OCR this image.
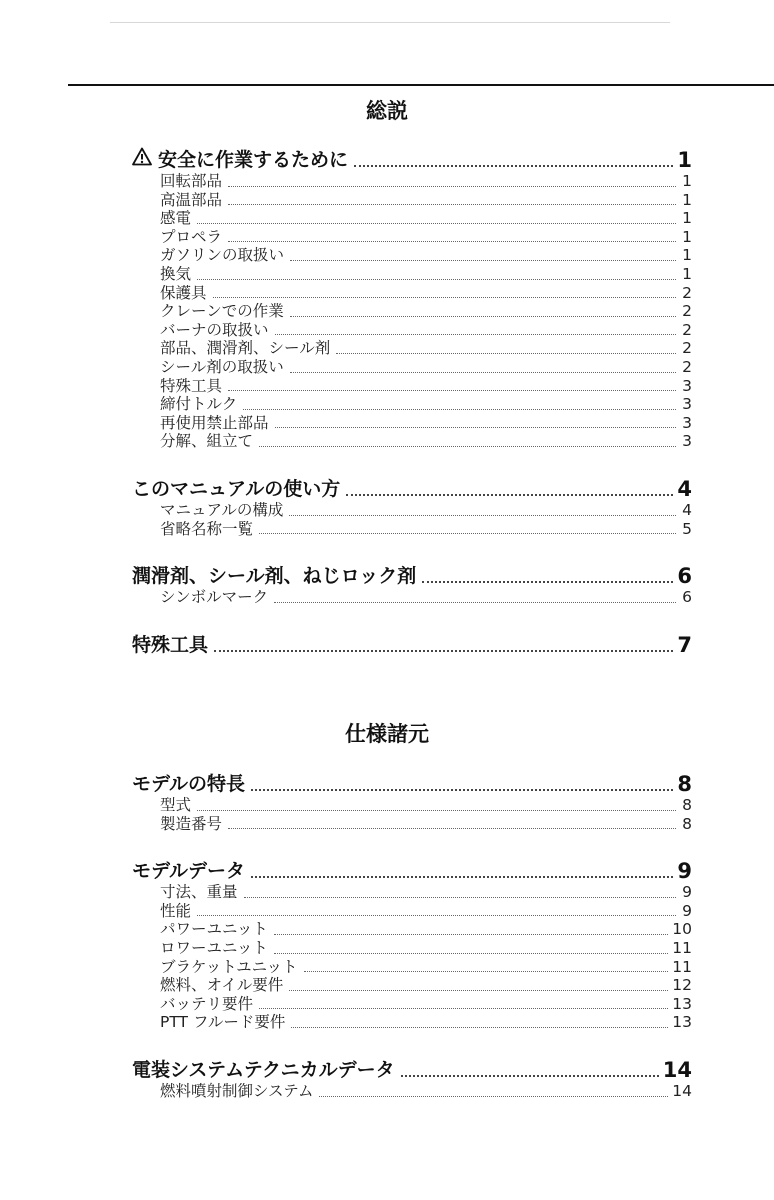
総説
安全に作業するために	1
回転部品	1
高温部品	1
感電	1
プロペラ	1
ガソリンの取扱い	1
換気	1
保護具	2
クレーンでの作業	2
バーナの取扱い	2
部品、潤滑剤、シール剤	2
シール剤の取扱い	2
特殊工具	3
締付トルク	3
再使用禁止部品	3
分解、組立て	3
このマニュアルの使い方	4
マニュアルの構成	4
省略名称一覧	5
潤滑剤、シール剤、ねじロック剤	6
シンボルマーク	6
特殊工具	7
仕様諸元
モデルの特長	8
型式	8
製造番号	8
モデルデータ	9
寸法、重量	9
性能	9
パワーユニット	10
ロワーユニット	11
ブラケットユニット	11
燃料、オイル要件	12
バッテリ要件	13
PTT フルード要件	13
電装システムテクニカルデータ	14
燃料噴射制御システム	14
